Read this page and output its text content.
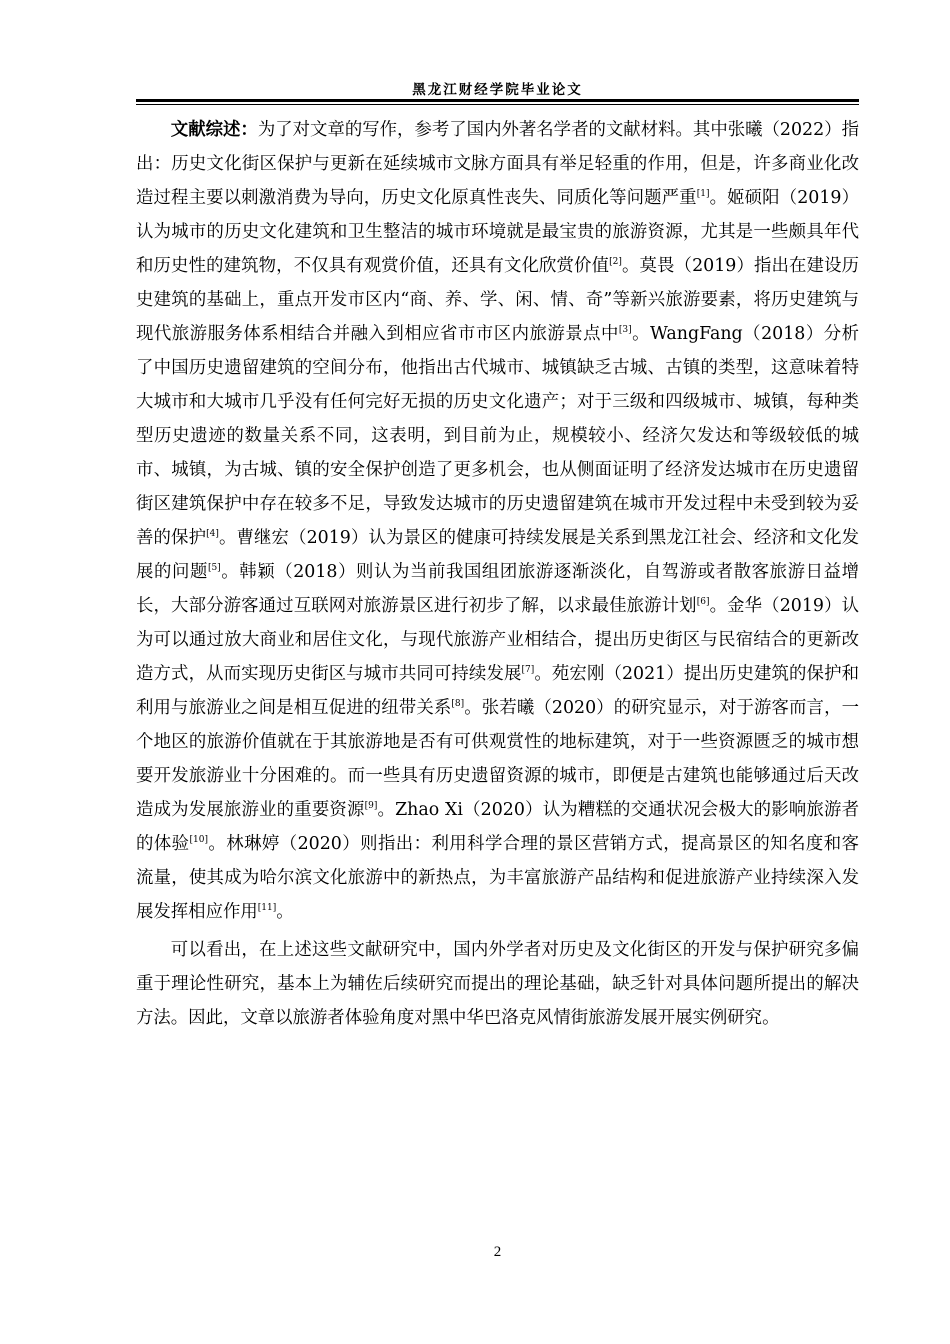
黑龙江财经学院毕业论文

文献综述：为了对文章的写作，参考了国内外著名学者的文献材料。其中张曦（2022）指出：历史文化街区保护与更新在延续城市文脉方面具有举足轻重的作用，但是，许多商业化改造过程主要以刺激消费为导向，历史文化原真性丧失、同质化等问题严重[1]。姬硕阳（2019）认为城市的历史文化建筑和卫生整洁的城市环境就是最宝贵的旅游资源，尤其是一些颇具年代和历史性的建筑物，不仅具有观赏价值，还具有文化欣赏价值[2]。莫畏（2019）指出在建设历史建筑的基础上，重点开发市区内“商、养、学、闲、情、奇”等新兴旅游要素，将历史建筑与现代旅游服务体系相结合并融入到相应省市市区内旅游景点中[3]。WangFang（2018）分析了中国历史遗留建筑的空间分布，他指出古代城市、城镇缺乏古城、古镇的类型，这意味着特大城市和大城市几乎没有任何完好无损的历史文化遗产；对于三级和四级城市、城镇，每种类型历史遗迹的数量关系不同，这表明，到目前为止，规模较小、经济欠发达和等级较低的城市、城镇，为古城、镇的安全保护创造了更多机会，也从侧面证明了经济发达城市在历史遗留街区建筑保护中存在较多不足，导致发达城市的历史遗留建筑在城市开发过程中未受到较为妥善的保护[4]。曹继宏（2019）认为景区的健康可持续发展是关系到黑龙江社会、经济和文化发展的问题[5]。韩颖（2018）则认为当前我国组团旅游逐渐淡化，自驾游或者散客旅游日益增长，大部分游客通过互联网对旅游景区进行初步了解，以求最佳旅游计划[6]。金华（2019）认为可以通过放大商业和居住文化，与现代旅游产业相结合，提出历史街区与民宿结合的更新改造方式，从而实现历史街区与城市共同可持续发展[7]。苑宏刚（2021）提出历史建筑的保护和利用与旅游业之间是相互促进的纽带关系[8]。张若曦（2020）的研究显示，对于游客而言，一个地区的旅游价值就在于其旅游地是否有可供观赏性的地标建筑，对于一些资源匮乏的城市想要开发旅游业十分困难的。而一些具有历史遗留资源的城市，即便是古建筑也能够通过后天改造成为发展旅游业的重要资源[9]。Zhao Xi（2020）认为糟糕的交通状况会极大的影响旅游者的体验[10]。林琳婷（2020）则指出：利用科学合理的景区营销方式，提高景区的知名度和客流量，使其成为哈尔滨文化旅游中的新热点，为丰富旅游产品结构和促进旅游产业持续深入发展发挥相应作用[11]。

可以看出，在上述这些文献研究中，国内外学者对历史及文化街区的开发与保护研究多偏重于理论性研究，基本上为辅佐后续研究而提出的理论基础，缺乏针对具体问题所提出的解决方法。因此，文章以旅游者体验角度对黑中华巴洛克风情街旅游发展开展实例研究。

2
